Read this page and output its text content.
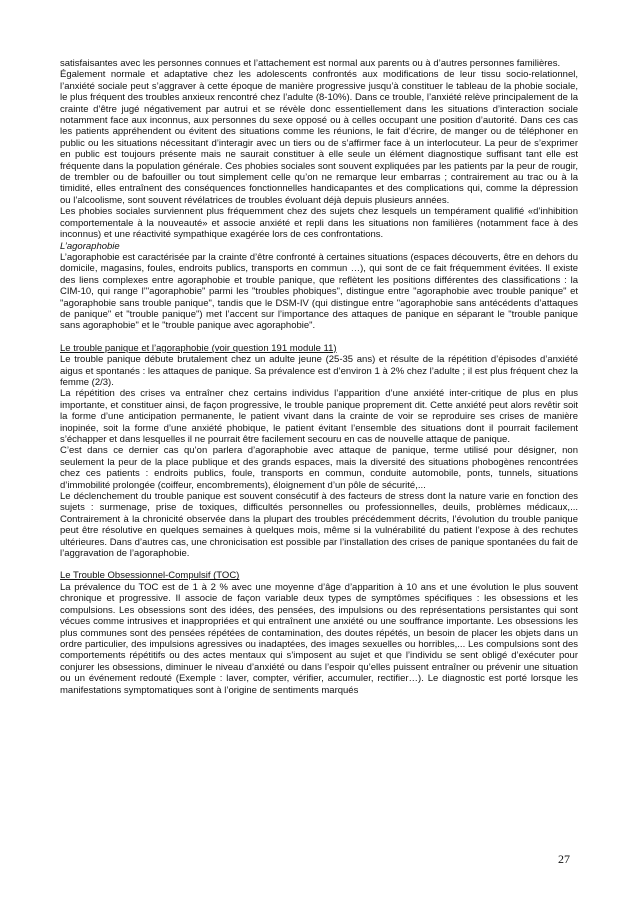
satisfaisantes avec les personnes connues et l’attachement est normal aux parents ou à d’autres personnes familières.

Également normale et adaptative chez les adolescents confrontés aux modifications de leur tissu socio-relationnel, l’anxiété sociale peut s’aggraver à cette époque de manière progressive jusqu’à constituer le tableau de la phobie sociale, le plus fréquent des troubles anxieux rencontré chez l’adulte (8-10%). Dans ce trouble, l’anxiété relève principalement de la crainte d’être jugé négativement par autrui et se révèle donc essentiellement dans les situations d’interaction sociale notamment face aux inconnus, aux personnes du sexe opposé ou à celles occupant une position d’autorité. Dans ces cas les patients appréhendent ou évitent des situations comme les réunions, le fait d’écrire, de manger ou de téléphoner en public ou les situations nécessitant d’interagir avec un tiers ou de s’affirmer face à un interlocuteur. La peur de s’exprimer en public est toujours présente mais ne saurait constituer à elle seule un élément diagnostique suffisant tant elle est fréquente dans la population générale. Ces phobies sociales sont souvent expliquées par les patients par la peur de rougir, de trembler ou de bafouiller ou tout simplement celle qu’on ne remarque leur embarras ; contrairement au trac ou à la timidité, elles entraînent des conséquences fonctionnelles handicapantes et des complications qui, comme la dépression ou l’alcoolisme, sont souvent révélatrices de troubles évoluant déjà depuis plusieurs années.

Les phobies sociales surviennent plus fréquemment chez des sujets chez lesquels un tempérament qualifié «d’inhibition comportementale à la nouveauté» et associe anxiété et repli dans les situations non familières (notamment face à des inconnus) et une réactivité sympathique exagérée lors de ces confrontations.

L’agoraphobie

L’agoraphobie est caractérisée par la crainte d’être confronté à certaines situations (espaces découverts, être en dehors du domicile, magasins, foules, endroits publics, transports en commun …), qui sont de ce fait fréquemment évitées. Il existe des liens complexes entre agoraphobie et trouble panique, que reflètent les positions différentes des classifications : la CIM-10, qui range l’"agoraphobie" parmi les "troubles phobiques", distingue entre "agoraphobie avec trouble panique" et "agoraphobie sans trouble panique", tandis que le DSM-IV (qui distingue entre "agoraphobie sans antécédents d’attaques de panique" et "trouble panique") met l’accent sur l’importance des attaques de panique en séparant le "trouble panique sans agoraphobie" et le "trouble panique avec agoraphobie".

Le trouble panique et l’agoraphobie (voir question 191 module 11)

Le trouble panique débute brutalement chez un adulte jeune (25-35 ans) et résulte de la répétition d’épisodes d’anxiété aigus et spontanés : les attaques de panique. Sa prévalence est d’environ 1 à 2% chez l’adulte ; il est plus fréquent chez la femme (2/3).

La répétition des crises va entraîner chez certains individus l’apparition d’une anxiété inter-critique de plus en plus importante, et constituer ainsi, de façon progressive, le trouble panique proprement dit. Cette anxiété peut alors revêtir soit la forme d’une anticipation permanente, le patient vivant dans la crainte de voir se reproduire ses crises de manière inopinée, soit la forme d’une anxiété phobique, le patient évitant l’ensemble des situations dont il pourrait facilement s’échapper et dans lesquelles il ne pourrait être facilement secouru en cas de nouvelle attaque de panique.

C’est dans ce dernier cas qu’on parlera d’agoraphobie avec attaque de panique, terme utilisé pour désigner, non seulement la peur de la place publique et des grands espaces, mais la diversité des situations phobogènes rencontrées chez ces patients : endroits publics, foule, transports en commun, conduite automobile, ponts, tunnels, situations d’immobilité prolongée (coiffeur, encombrements), éloignement d’un pôle de sécurité,...

Le déclenchement du trouble panique est souvent consécutif à des facteurs de stress dont la nature varie en fonction des sujets : surmenage, prise de toxiques, difficultés personnelles ou professionnelles, deuils, problèmes médicaux,... Contrairement à la chronicité observée dans la plupart des troubles précédemment décrits, l’évolution du trouble panique peut être résolutive en quelques semaines à quelques mois, même si la vulnérabilité du patient l’expose à des rechutes ultérieures. Dans d’autres cas, une chronicisation est possible par l’installation des crises de panique spontanées du fait de l’aggravation de l’agoraphobie.

Le Trouble Obsessionnel-Compulsif (TOC)

La prévalence du TOC est de 1 à 2 % avec une moyenne d’âge d’apparition à 10 ans et une évolution le plus souvent chronique et progressive. Il associe de façon variable deux types de symptômes spécifiques : les obsessions et les compulsions. Les obsessions sont des idées, des pensées, des impulsions ou des représentations persistantes qui sont vécues comme intrusives et inappropriées et qui entraînent une anxiété ou une souffrance importante. Les obsessions les plus communes sont des pensées répétées de contamination, des doutes répétés, un besoin de placer les objets dans un ordre particulier, des impulsions agressives ou inadaptées, des images sexuelles ou horribles,... Les compulsions sont des comportements répétitifs ou des actes mentaux qui s’imposent au sujet et que l’individu se sent obligé d’exécuter pour conjurer les obsessions, diminuer le niveau d’anxiété ou dans l’espoir qu’elles puissent entraîner ou prévenir une situation ou un événement redouté (Exemple : laver, compter, vérifier, accumuler, rectifier…). Le diagnostic est porté lorsque les manifestations symptomatiques sont à l’origine de sentiments marqués

27
